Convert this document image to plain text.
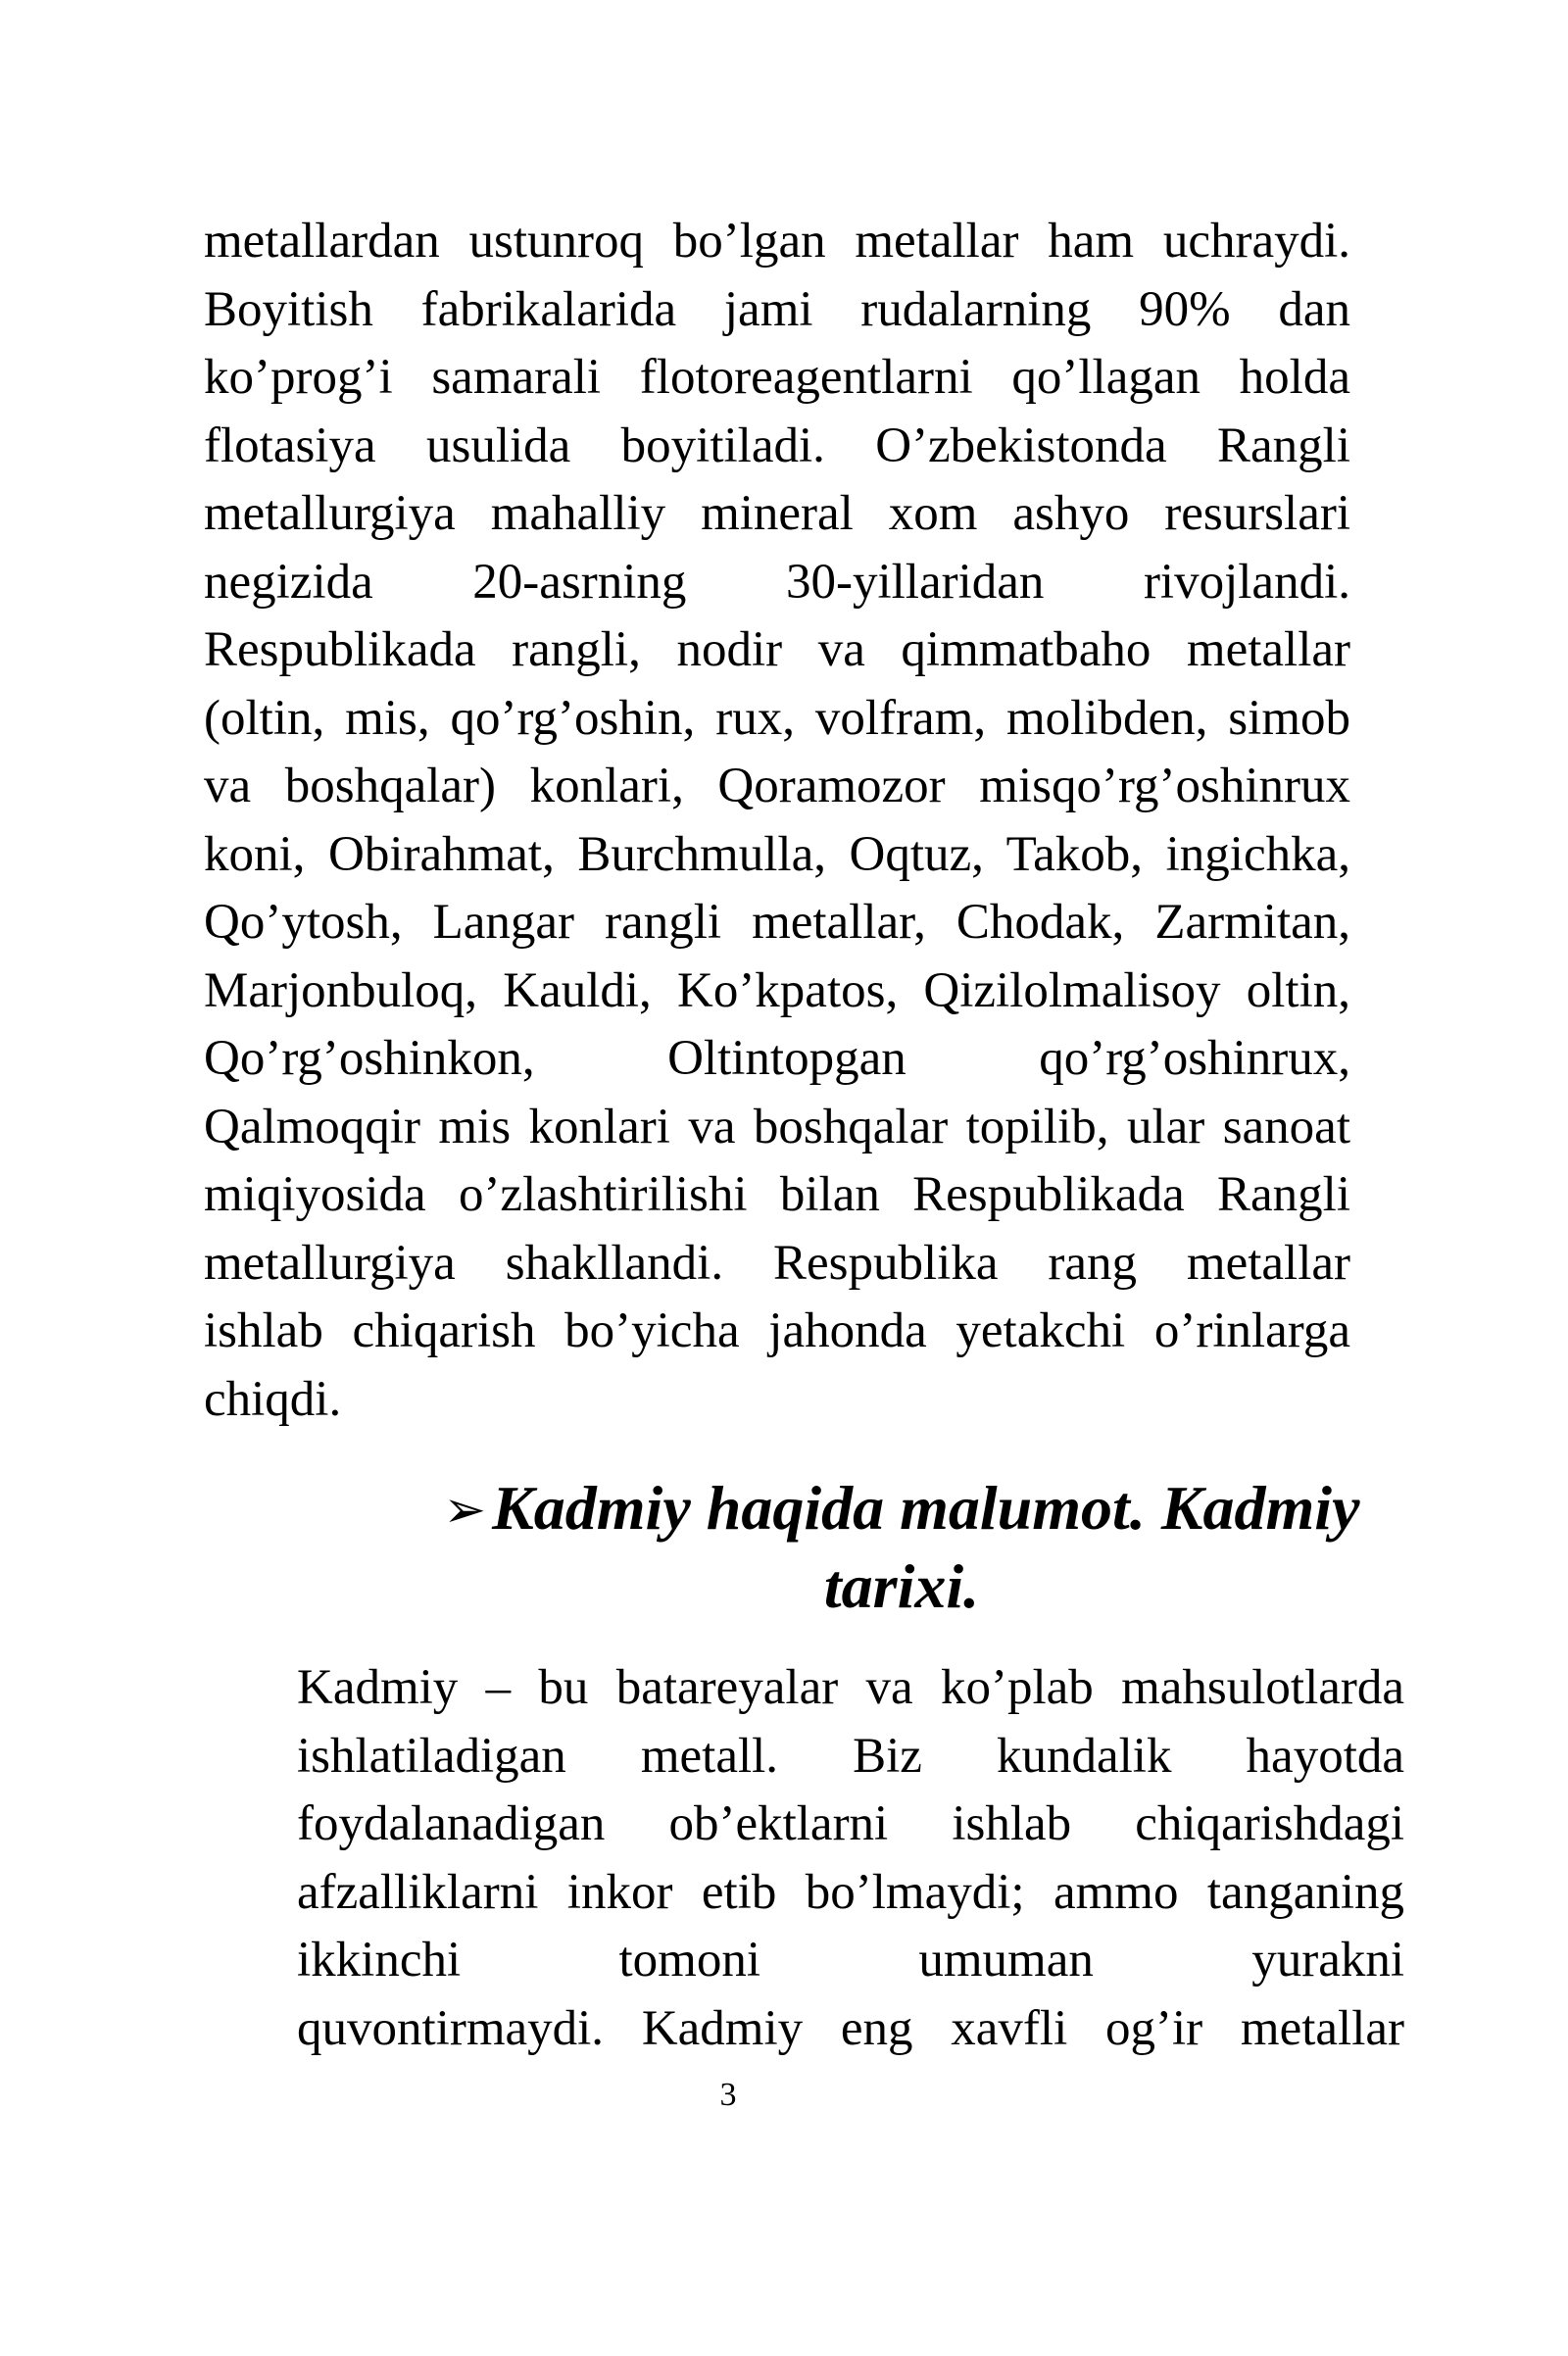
metallardan ustunroq bo’lgan metallar ham uchraydi.
Boyitish fabrikalarida jami rudalarning 90% dan
ko’prog’i samarali flotoreagentlarni qo’llagan holda
flotasiya usulida boyitiladi. O’zbekistonda Rangli
metallurgiya mahalliy mineral xom ashyo resurslari
negizida 20-asrning 30-yillaridan rivojlandi.
Respublikada rangli, nodir va qimmatbaho metallar
(oltin, mis, qo’rg’oshin, rux, volfram, molibden, simob
va boshqalar) konlari, Qoramozor misqo’rg’oshinrux
koni, Obirahmat, Burchmulla, Oqtuz, Takob, ingichka,
Qo’ytosh, Langar rangli metallar, Chodak, Zarmitan,
Marjonbuloq, Kauldi, Ko’kpatos, Qizilolmalisoy oltin,
Qo’rg’oshinkon, Oltintopgan qo’rg’oshinrux,
Qalmoqqir mis konlari va boshqalar topilib, ular sanoat
miqiyosida o’zlashtirilishi bilan Respublikada Rangli
metallurgiya shakllandi. Respublika rang metallar
ishlab chiqarish bo’yicha jahonda yetakchi o’rinlarga
chiqdi.
➢Kadmiy haqida malumot. Kadmiy
tarixi.
Kadmiy – bu batareyalar va ko’plab mahsulotlarda
ishlatiladigan metall. Biz kundalik hayotda
foydalanadigan ob’ektlarni ishlab chiqarishdagi
afzalliklarni inkor etib bo’lmaydi; ammo tanganing
ikkinchi tomoni umuman yurakni
quvontirmaydi. Kadmiy eng xavfli og’ir metallar
3
